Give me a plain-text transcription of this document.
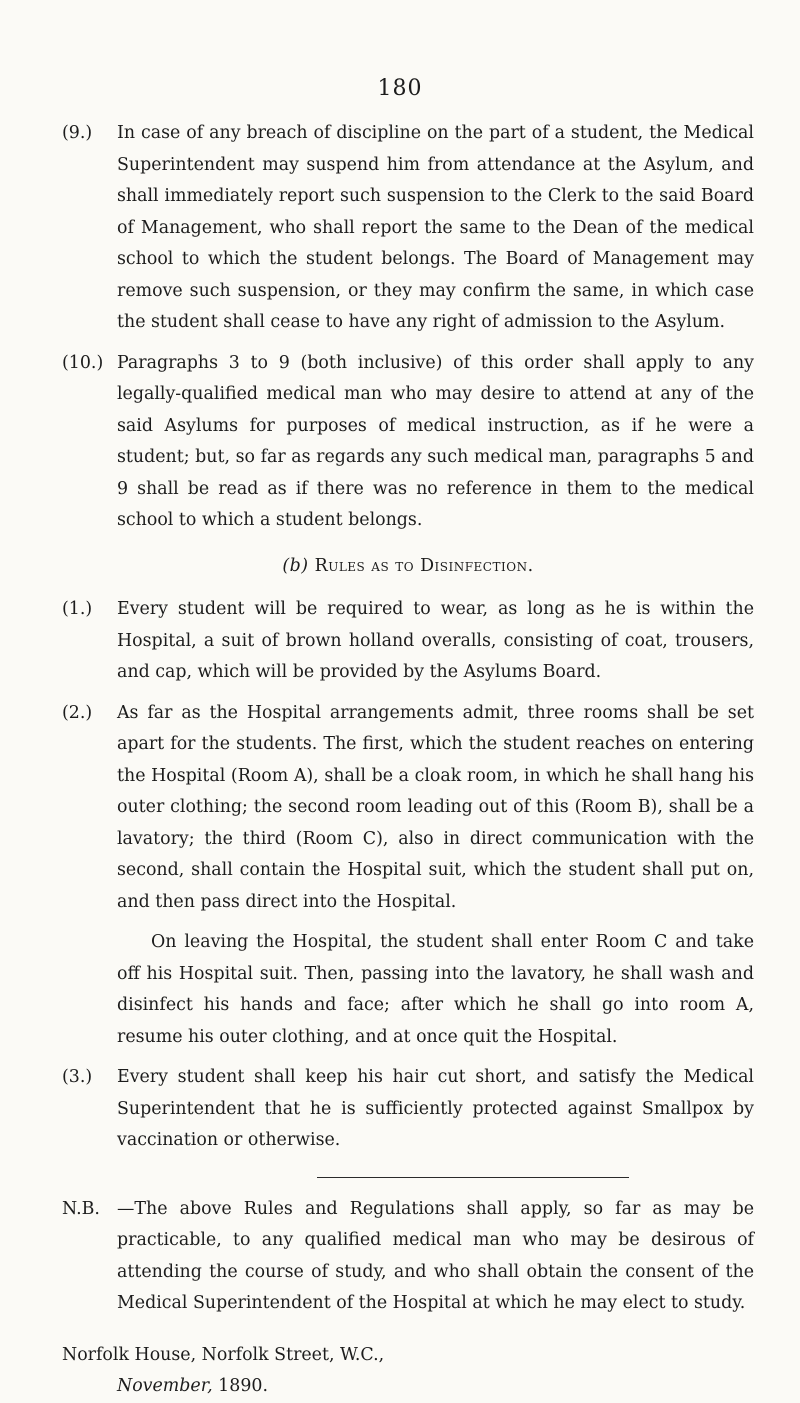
180
(9.)	In case of any breach of discipline on the part of a student, the Medical Superintendent may suspend him from attendance at the Asylum, and shall immediately report such suspension to the Clerk to the said Board of Management, who shall report the same to the Dean of the medical school to which the student belongs. The Board of Management may remove such suspension, or they may confirm the same, in which case the student shall cease to have any right of admission to the Asylum.
(10.) Paragraphs 3 to 9 (both inclusive) of this order shall apply to any legally-qualified medical man who may desire to attend at any of the said Asylums for purposes of medical instruction, as if he were a student; but, so far as regards any such medical man, paragraphs 5 and 9 shall be read as if there was no reference in them to the medical school to which a student belongs.
(b) Rules as to Disinfection.
(1.)	Every student will be required to wear, as long as he is within the Hospital, a suit of brown holland overalls, consisting of coat, trousers, and cap, which will be provided by the Asylums Board.
(2.)	As far as the Hospital arrangements admit, three rooms shall be set apart for the students. The first, which the student reaches on entering the Hospital (Room A), shall be a cloak room, in which he shall hang his outer clothing; the second room leading out of this (Room B), shall be a lavatory; the third (Room C), also in direct communication with the second, shall contain the Hospital suit, which the student shall put on, and then pass direct into the Hospital.
On leaving the Hospital, the student shall enter Room C and take off his Hospital suit. Then, passing into the lavatory, he shall wash and disinfect his hands and face; after which he shall go into room A, resume his outer clothing, and at once quit the Hospital.
(3.)	Every student shall keep his hair cut short, and satisfy the Medical Superintendent that he is sufficiently protected against Smallpox by vaccination or otherwise.
N.B. —The above Rules and Regulations shall apply, so far as may be practicable, to any qualified medical man who may be desirous of attending the course of study, and who shall obtain the consent of the Medical Superintendent of the Hospital at which he may elect to study.
Norfolk House, Norfolk Street, W.C.,
November, 1890.
